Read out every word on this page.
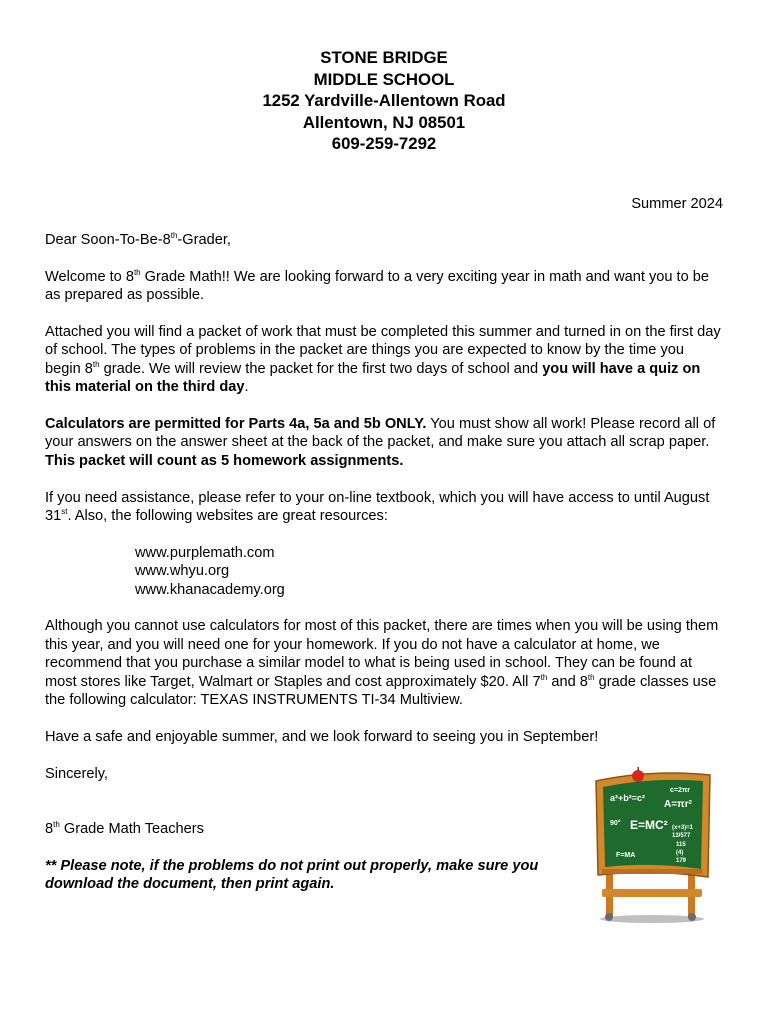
STONE BRIDGE
MIDDLE SCHOOL
1252 Yardville-Allentown Road
Allentown, NJ 08501
609-259-7292
Summer 2024

Dear Soon-To-Be-8th-Grader,

Welcome to 8th Grade Math!! We are looking forward to a very exciting year in math and want you to be as prepared as possible.

Attached you will find a packet of work that must be completed this summer and turned in on the first day of school. The types of problems in the packet are things you are expected to know by the time you begin 8th grade. We will review the packet for the first two days of school and you will have a quiz on this material on the third day.

Calculators are permitted for Parts 4a, 5a and 5b ONLY. You must show all work! Please record all of your answers on the answer sheet at the back of the packet, and make sure you attach all scrap paper. This packet will count as 5 homework assignments.

If you need assistance, please refer to your on-line textbook, which you will have access to until August 31st. Also, the following websites are great resources:

www.purplemath.com
www.whyu.org
www.khanacademy.org

Although you cannot use calculators for most of this packet, there are times when you will be using them this year, and you will need one for your homework. If you do not have a calculator at home, we recommend that you purchase a similar model to what is being used in school. They can be found at most stores like Target, Walmart or Staples and cost approximately $20. All 7th and 8th grade classes use the following calculator: TEXAS INSTRUMENTS TI-34 Multiview.

Have a safe and enjoyable summer, and we look forward to seeing you in September!

Sincerely,

8th Grade Math Teachers

** Please note, if the problems do not print out properly, make sure you download the document, then print again.

a²+b²=c²
c=2πr
A=πr²
90° E=MC² (x+3)=1
13/577
115
(4)
179
F=MA
